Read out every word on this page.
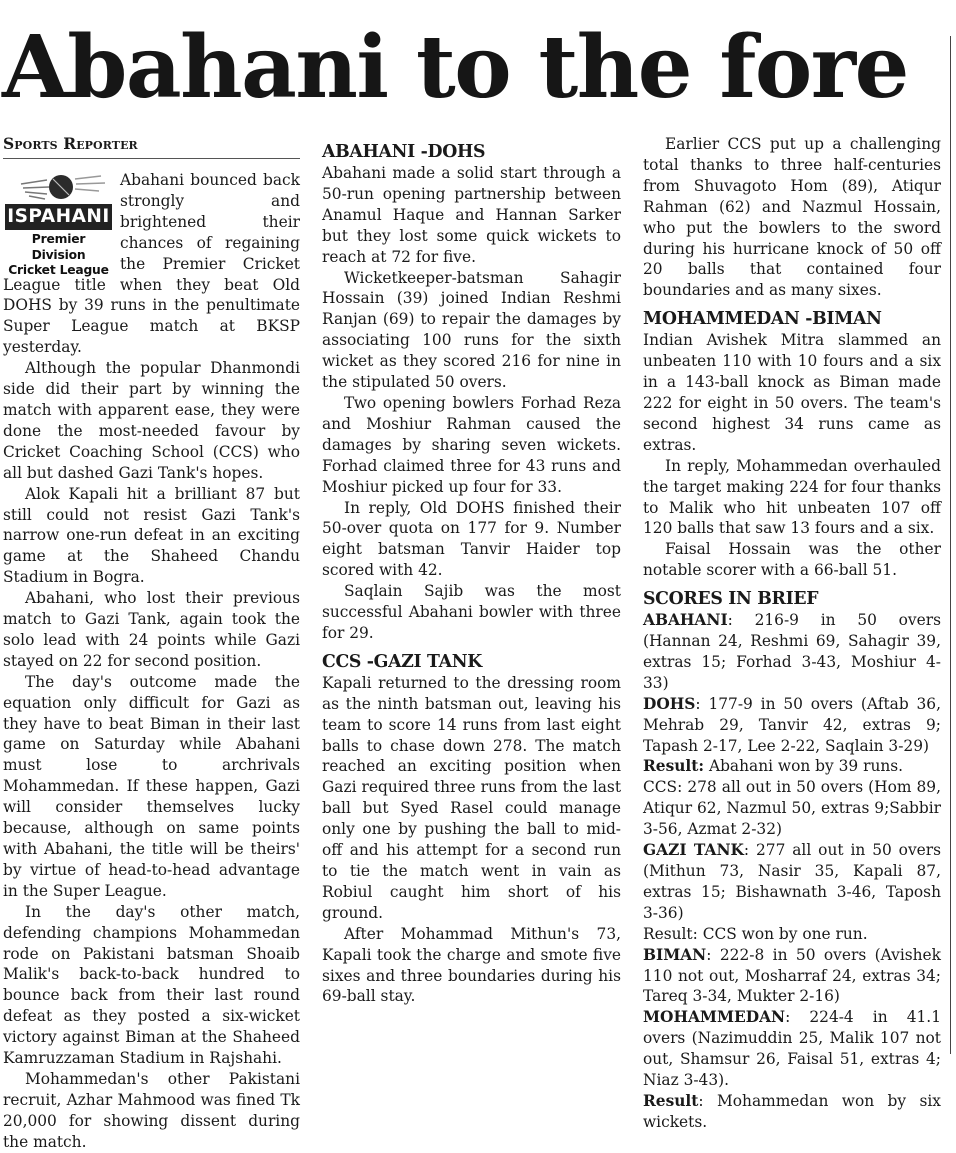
Abahani to the fore
Sports Reporter
ISPAHANI
Premier Division
Cricket League

Abahani bounced back strongly and brightened their chances of regaining the Premier Cricket League title when they beat Old DOHS by 39 runs in the penultimate Super League match at BKSP yesterday.

Although the popular Dhanmondi side did their part by winning the match with apparent ease, they were done the most-needed favour by Cricket Coaching School (CCS) who all but dashed Gazi Tank's hopes.

Alok Kapali hit a brilliant 87 but still could not resist Gazi Tank's narrow one-run defeat in an exciting game at the Shaheed Chandu Stadium in Bogra.

Abahani, who lost their previous match to Gazi Tank, again took the solo lead with 24 points while Gazi stayed on 22 for second position.

The day's outcome made the equation only difficult for Gazi as they have to beat Biman in their last game on Saturday while Abahani must lose to archrivals Mohammedan. If these happen, Gazi will consider themselves lucky because, although on same points with Abahani, the title will be theirs' by virtue of head-to-head advantage in the Super League.

In the day's other match, defending champions Mohammedan rode on Pakistani batsman Shoaib Malik's back-to-back hundred to bounce back from their last round defeat as they posted a six-wicket victory against Biman at the Shaheed Kamruzzaman Stadium in Rajshahi.

Mohammedan's other Pakistani recruit, Azhar Mahmood was fined Tk 20,000 for showing dissent during the match.

ABAHANI -DOHS

Abahani made a solid start through a 50-run opening partnership between Anamul Haque and Hannan Sarker but they lost some quick wickets to reach at 72 for five.

Wicketkeeper-batsman Sahagir Hossain (39) joined Indian Reshmi Ranjan (69) to repair the damages by associating 100 runs for the sixth wicket as they scored 216 for nine in the stipulated 50 overs.

Two opening bowlers Forhad Reza and Moshiur Rahman caused the damages by sharing seven wickets. Forhad claimed three for 43 runs and Moshiur picked up four for 33.

In reply, Old DOHS finished their 50-over quota on 177 for 9. Number eight batsman Tanvir Haider top scored with 42.

Saqlain Sajib was the most successful Abahani bowler with three for 29.

CCS -GAZI TANK

Kapali returned to the dressing room as the ninth batsman out, leaving his team to score 14 runs from last eight balls to chase down 278. The match reached an exciting position when Gazi required three runs from the last ball but Syed Rasel could manage only one by pushing the ball to mid-off and his attempt for a second run to tie the match went in vain as Robiul caught him short of his ground.

After Mohammad Mithun's 73, Kapali took the charge and smote five sixes and three boundaries during his 69-ball stay.

Earlier CCS put up a challenging total thanks to three half-centuries from Shuvagoto Hom (89), Atiqur Rahman (62) and Nazmul Hossain, who put the bowlers to the sword during his hurricane knock of 50 off 20 balls that contained four boundaries and as many sixes.

MOHAMMEDAN -BIMAN

Indian Avishek Mitra slammed an unbeaten 110 with 10 fours and a six in a 143-ball knock as Biman made 222 for eight in 50 overs. The team's second highest 34 runs came as extras.

In reply, Mohammedan overhauled the target making 224 for four thanks to Malik who hit unbeaten 107 off 120 balls that saw 13 fours and a six.

Faisal Hossain was the other notable scorer with a 66-ball 51.

SCORES IN BRIEF

ABAHANI: 216-9 in 50 overs (Hannan 24, Reshmi 69, Sahagir 39, extras 15; Forhad 3-43, Moshiur 4-33)

DOHS: 177-9 in 50 overs (Aftab 36, Mehrab 29, Tanvir 42, extras 9; Tapash 2-17, Lee 2-22, Saqlain 3-29)

Result: Abahani won by 39 runs.

CCS: 278 all out in 50 overs (Hom 89, Atiqur 62, Nazmul 50, extras 9;Sabbir 3-56, Azmat 2-32)

GAZI TANK: 277 all out in 50 overs (Mithun 73, Nasir 35, Kapali 87, extras 15; Bishawnath 3-46, Taposh 3-36)

Result: CCS won by one run.

BIMAN: 222-8 in 50 overs (Avishek 110 not out, Mosharraf 24, extras 34; Tareq 3-34, Mukter 2-16)

MOHAMMEDAN: 224-4 in 41.1 overs (Nazimuddin 25, Malik 107 not out, Shamsur 26, Faisal 51, extras 4; Niaz 3-43).

Result: Mohammedan won by six wickets.
